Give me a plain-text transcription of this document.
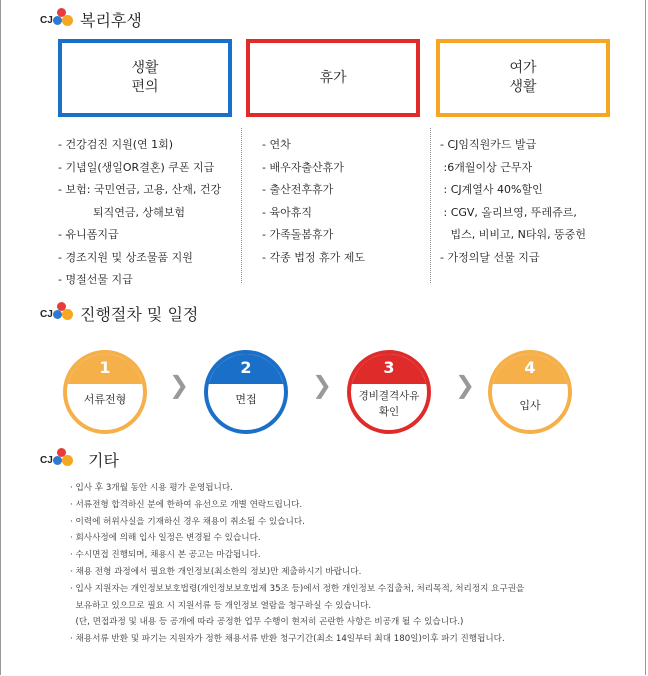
CJ 복리후생
생활
편의
휴가
여가
생활
- 건강검진 지원(연 1회)
- 기념일(생일OR결혼) 쿠폰 지급
- 보험: 국민연금, 고용, 산재, 건강
퇴직연금, 상해보험
- 유니폼지급
- 경조지원 및 상조물품 지원
- 명절선물 지급
- 연차
- 배우자출산휴가
- 출산전후휴가
- 육아휴직
- 가족돌봄휴가
- 각종 법정 휴가 제도
- CJ임직원카드 발급
:6개월이상 근무자
: CJ계열사 40%할인
: CGV, 올리브영, 뚜레쥬르,
빕스, 비비고, N타워, 뚱중헌
- 가정의달 선물 지급
CJ 진행절차 및 일정
1
서류전형
❯
2
면접
❯
3
경비결격사유
확인
❯
4
입사
CJ 기타
· 입사 후 3개월 동안 시용 평가 운영됩니다.
· 서류전형 합격하신 분에 한하여 유선으로 개별 연락드립니다.
· 이력에 허위사실을 기재하신 경우 채용이 취소될 수 있습니다.
· 회사사정에 의해 입사 일정은 변경될 수 있습니다.
· 수시면접 진행되며, 채용시 본 공고는 마감됩니다.
· 채용 전형 과정에서 필요한 개인정보(최소한의 정보)만 제출하시기 바랍니다.
· 입사 지원자는 개인정보보호법령(개인정보보호법제 35조 등)에서 정한 개인정보 수집출처, 처리목적, 처리정지 요구권을
보유하고 있으므로 필요 시 지원서류 등 개인정보 열람을 청구하실 수 있습니다.
(단, 면접과정 및 내용 등 공개에 따라 공정한 업무 수행이 현저히 곤란한 사항은 비공개 될 수 있습니다.)
· 채용서류 반환 및 파기는 지원자가 정한 채용서류 반환 청구기간(최소 14일부터 최대 180일)이후 파기 진행됩니다.
